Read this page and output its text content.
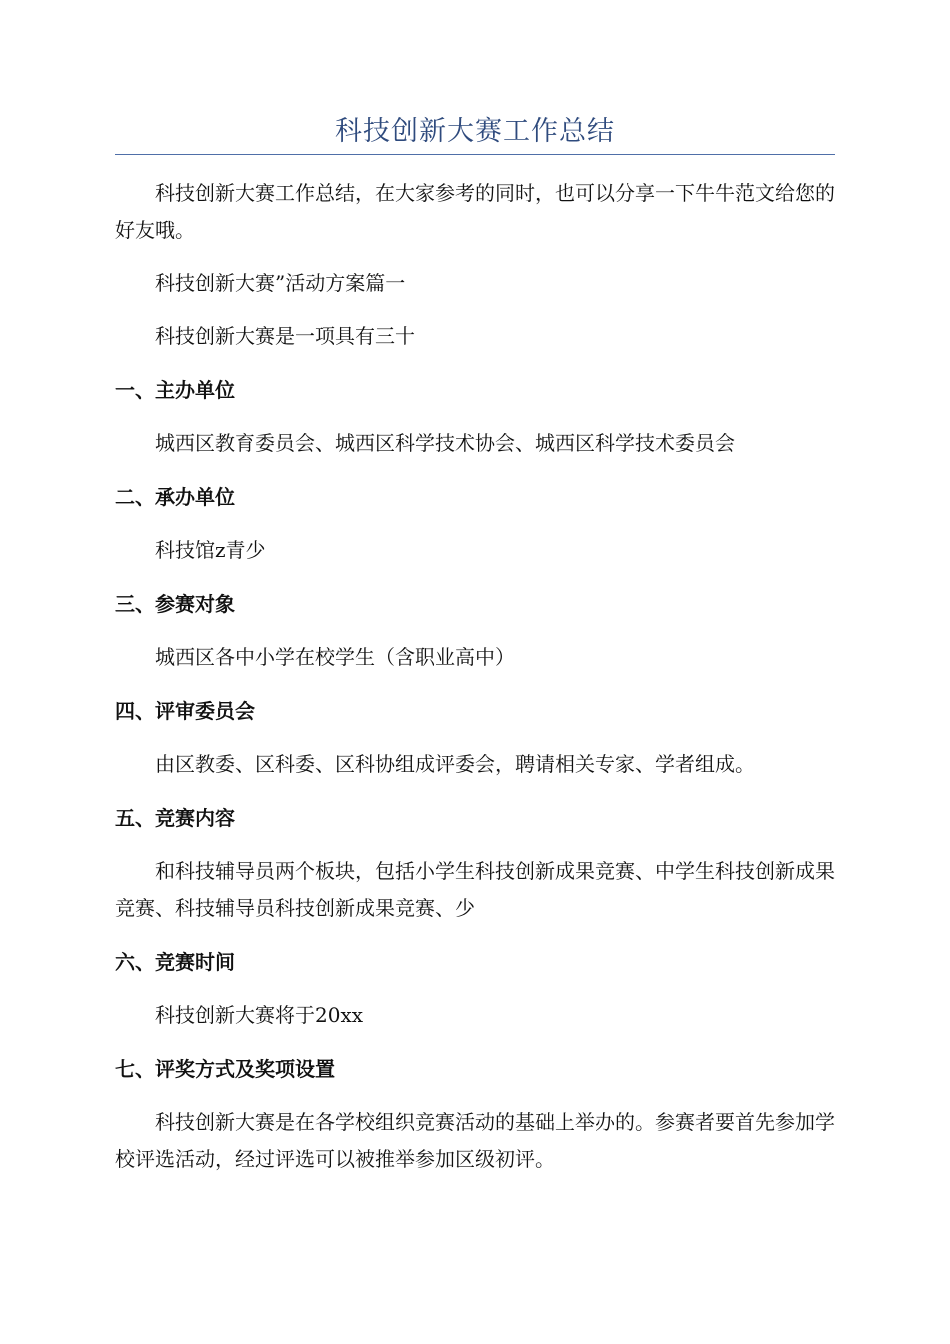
科技创新大赛工作总结

科技创新大赛工作总结，在大家参考的同时，也可以分享一下牛牛范文给您的好友哦。

科技创新大赛”活动方案篇一

科技创新大赛是一项具有三十

一、主办单位

城西区教育委员会、城西区科学技术协会、城西区科学技术委员会

二、承办单位

科技馆z青少

三、参赛对象

城西区各中小学在校学生（含职业高中）

四、评审委员会

由区教委、区科委、区科协组成评委会，聘请相关专家、学者组成。

五、竞赛内容

和科技辅导员两个板块，包括小学生科技创新成果竞赛、中学生科技创新成果竞赛、科技辅导员科技创新成果竞赛、少

六、竞赛时间

科技创新大赛将于20xx

七、评奖方式及奖项设置

科技创新大赛是在各学校组织竞赛活动的基础上举办的。参赛者要首先参加学校评选活动，经过评选可以被推举参加区级初评。
